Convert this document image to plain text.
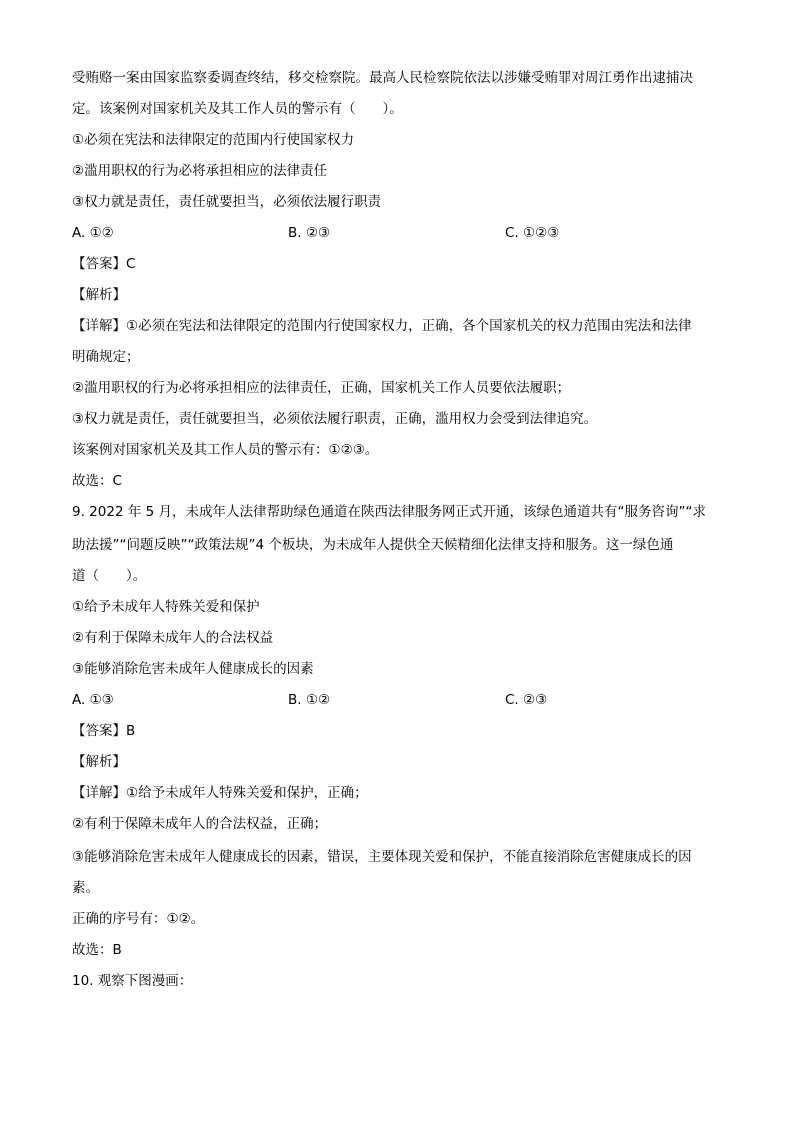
受贿赂一案由国家监察委调查终结，移交检察院。最高人民检察院依法以涉嫌受贿罪对周江勇作出逮捕决
定。该案例对国家机关及其工作人员的警示有（　　）。
①必须在宪法和法律限定的范围内行使国家权力
②滥用职权的行为必将承担相应的法律责任
③权力就是责任，责任就要担当，必须依法履行职责
A. ①②	B. ②③	C. ①②③
【答案】C
【解析】
【详解】①必须在宪法和法律限定的范围内行使国家权力，正确，各个国家机关的权力范围由宪法和法律
明确规定；
②滥用职权的行为必将承担相应的法律责任，正确，国家机关工作人员要依法履职；
③权力就是责任，责任就要担当，必须依法履行职责，正确，滥用权力会受到法律追究。
该案例对国家机关及其工作人员的警示有：①②③。
故选：C
9. 2022 年 5 月，未成年人法律帮助绿色通道在陕西法律服务网正式开通，该绿色通道共有“服务咨询”“求
助法援”“问题反映”“政策法规”4 个板块，为未成年人提供全天候精细化法律支持和服务。这一绿色通
道（　　）。
①给予未成年人特殊关爱和保护
②有利于保障未成年人的合法权益
③能够消除危害未成年人健康成长的因素
A. ①③	B. ①②	C. ②③
【答案】B
【解析】
【详解】①给予未成年人特殊关爱和保护，正确；
②有利于保障未成年人的合法权益，正确；
③能够消除危害未成年人健康成长的因素，错误，主要体现关爱和保护，不能直接消除危害健康成长的因
素。
正确的序号有：①②。
故选：B
10. 观察下图漫画：
